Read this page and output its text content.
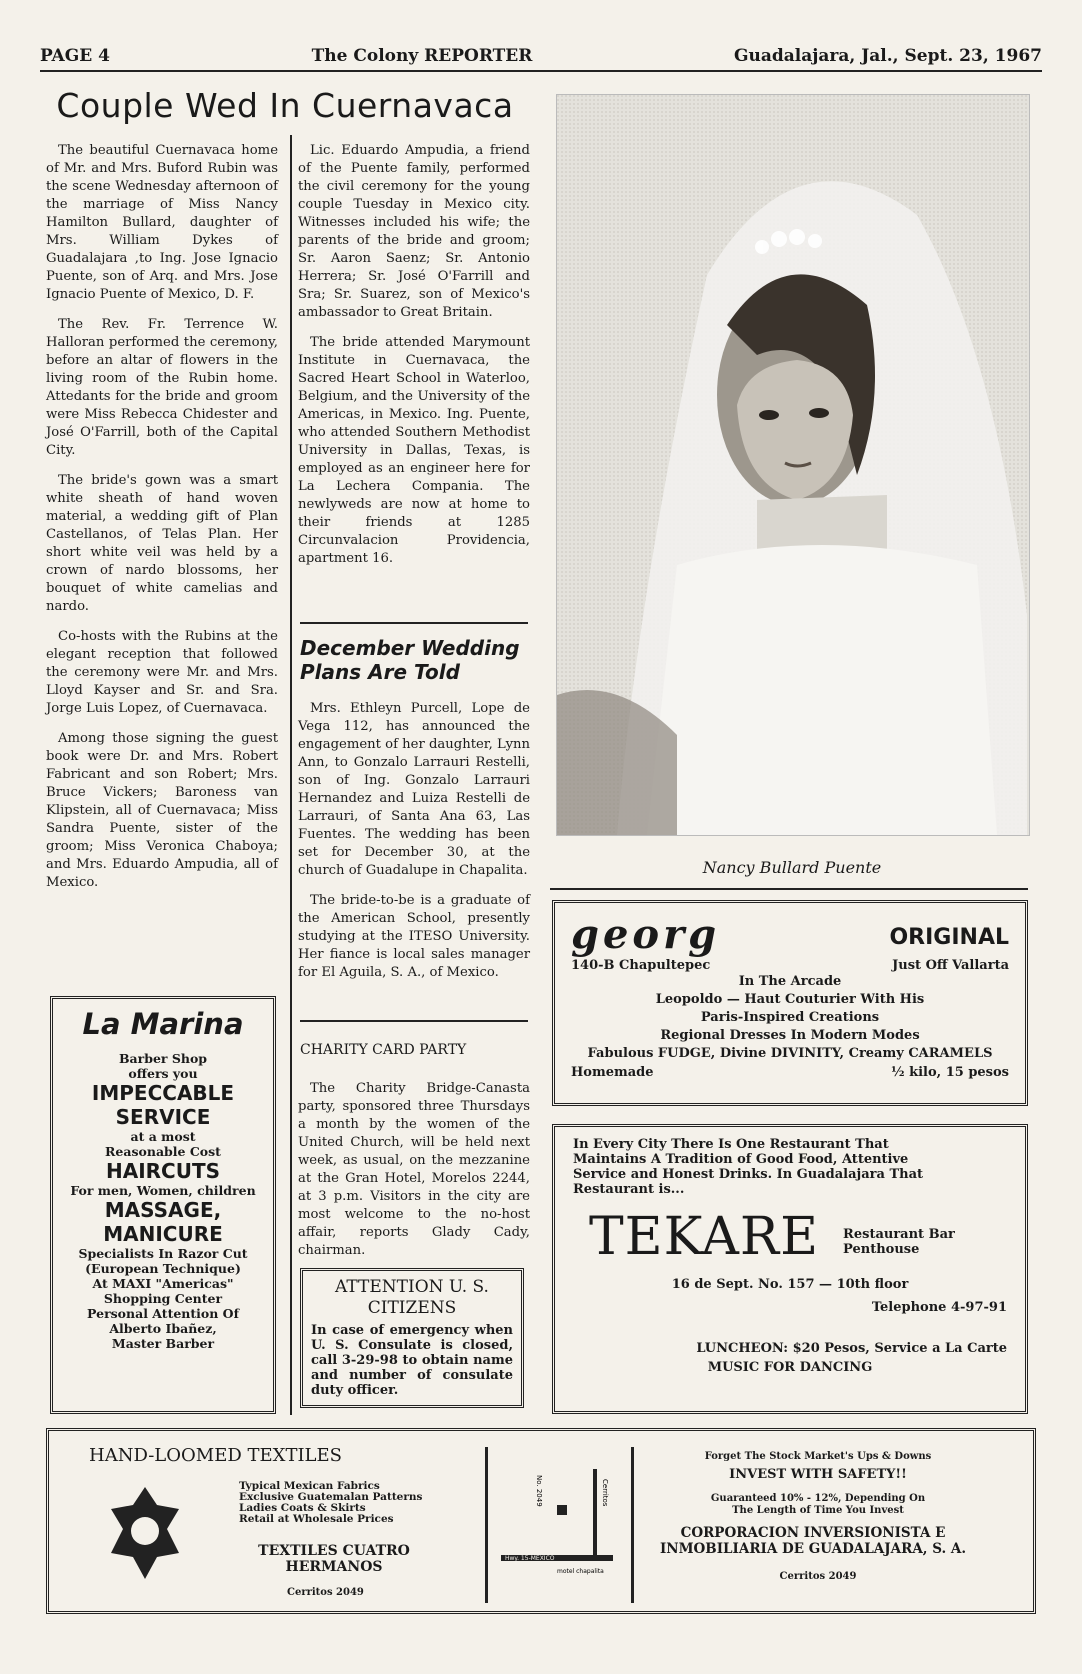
PAGE 4	The Colony REPORTER	Guadalajara, Jal., Sept. 23, 1967
Couple Wed In Cuernavaca

The beautiful Cuernavaca home of Mr. and Mrs. Buford Rubin was the scene Wednesday afternoon of the marriage of Miss Nancy Hamilton Bullard, daughter of Mrs. William Dykes of Guadalajara ,to Ing. Jose Ignacio Puente, son of Arq. and Mrs. Jose Ignacio Puente of Mexico, D. F.

The Rev. Fr. Terrence W. Halloran performed the ceremony, before an altar of flowers in the living room of the Rubin home. Attedants for the bride and groom were Miss Rebecca Chidester and José O'Farrill, both of the Capital City.

The bride's gown was a smart white sheath of hand woven material, a wedding gift of Plan Castellanos, of Telas Plan. Her short white veil was held by a crown of nardo blossoms, her bouquet of white camelias and nardo.

Co-hosts with the Rubins at the elegant reception that followed the ceremony were Mr. and Mrs. Lloyd Kayser and Sr. and Sra. Jorge Luis Lopez, of Cuernavaca.

Among those signing the guest book were Dr. and Mrs. Robert Fabricant and son Robert; Mrs. Bruce Vickers; Baroness van Klipstein, all of Cuernavaca; Miss Sandra Puente, sister of the groom; Miss Veronica Chaboya; and Mrs. Eduardo Ampudia, all of Mexico.

Lic. Eduardo Ampudia, a friend of the Puente family, performed the civil ceremony for the young couple Tuesday in Mexico city. Witnesses included his wife; the parents of the bride and groom; Sr. Aaron Saenz; Sr. Antonio Herrera; Sr. José O'Farrill and Sra; Sr. Suarez, son of Mexico's ambassador to Great Britain.

The bride attended Marymount Institute in Cuernavaca, the Sacred Heart School in Waterloo, Belgium, and the University of the Americas, in Mexico. Ing. Puente, who attended Southern Methodist University in Dallas, Texas, is employed as an engineer here for La Lechera Compania. The newlyweds are now at home to their friends at 1285 Circunvalacion Providencia, apartment 16.

December Wedding Plans Are Told

Mrs. Ethleyn Purcell, Lope de Vega 112, has announced the engagement of her daughter, Lynn Ann, to Gonzalo Larrauri Restelli, son of Ing. Gonzalo Larrauri Hernandez and Luiza Restelli de Larrauri, of Santa Ana 63, Las Fuentes. The wedding has been set for December 30, at the church of Guadalupe in Chapalita.

The bride-to-be is a graduate of the American School, presently studying at the ITESO University. Her fiance is local sales manager for El Aguila, S. A., of Mexico.

CHARITY CARD PARTY

The Charity Bridge-Canasta party, sponsored three Thursdays a month by the women of the United Church, will be held next week, as usual, on the mezzanine at the Gran Hotel, Morelos 2244, at 3 p.m. Visitors in the city are most welcome to the no-host affair, reports Glady Cady, chairman.

ATTENTION U. S. CITIZENS
In case of emergency when U. S. Consulate is closed, call 3-29-98 to obtain name and number of consulate duty officer.
La Marina
Barber Shop
offers you
IMPECCABLE
SERVICE
at a most
Reasonable Cost
HAIRCUTS
For men, Women, children
MASSAGE,
MANICURE
Specialists In Razor Cut
(European Technique)
At MAXI "Americas"
Shopping Center
Personal Attention Of
Alberto Ibañez,
Master Barber
Nancy Bullard Puente
georg	ORIGINAL
140-B Chapultepec	Just Off Vallarta
In The Arcade
Leopoldo — Haut Couturier With His
Paris-Inspired Creations
Regional Dresses In Modern Modes
Fabulous FUDGE, Divine DIVINITY, Creamy CARAMELS
Homemade	½ kilo, 15 pesos
In Every City There Is One Restaurant That Maintains A Tradition of Good Food, Attentive Service and Honest Drinks. In Guadalajara That Restaurant is...
TEKARE Restaurant Bar Penthouse
16 de Sept. No. 157 — 10th floor
Telephone 4-97-91
LUNCHEON: $20 Pesos, Service a La Carte
MUSIC FOR DANCING
HAND-LOOMED TEXTILES
Typical Mexican Fabrics
Exclusive Guatemalan Patterns
Ladies Coats & Skirts
Retail at Wholesale Prices
TEXTILES CUATRO
HERMANOS
Cerritos 2049
Cerritos
No. 2049
Hwy. 15-MEXICO
motel chapalita
Forget The Stock Market's Ups & Downs
INVEST WITH SAFETY!!
Guaranteed 10% - 12%, Depending On
The Length of Time You Invest
CORPORACION INVERSIONISTA E
INMOBILIARIA DE GUADALAJARA, S. A.
Cerritos 2049
